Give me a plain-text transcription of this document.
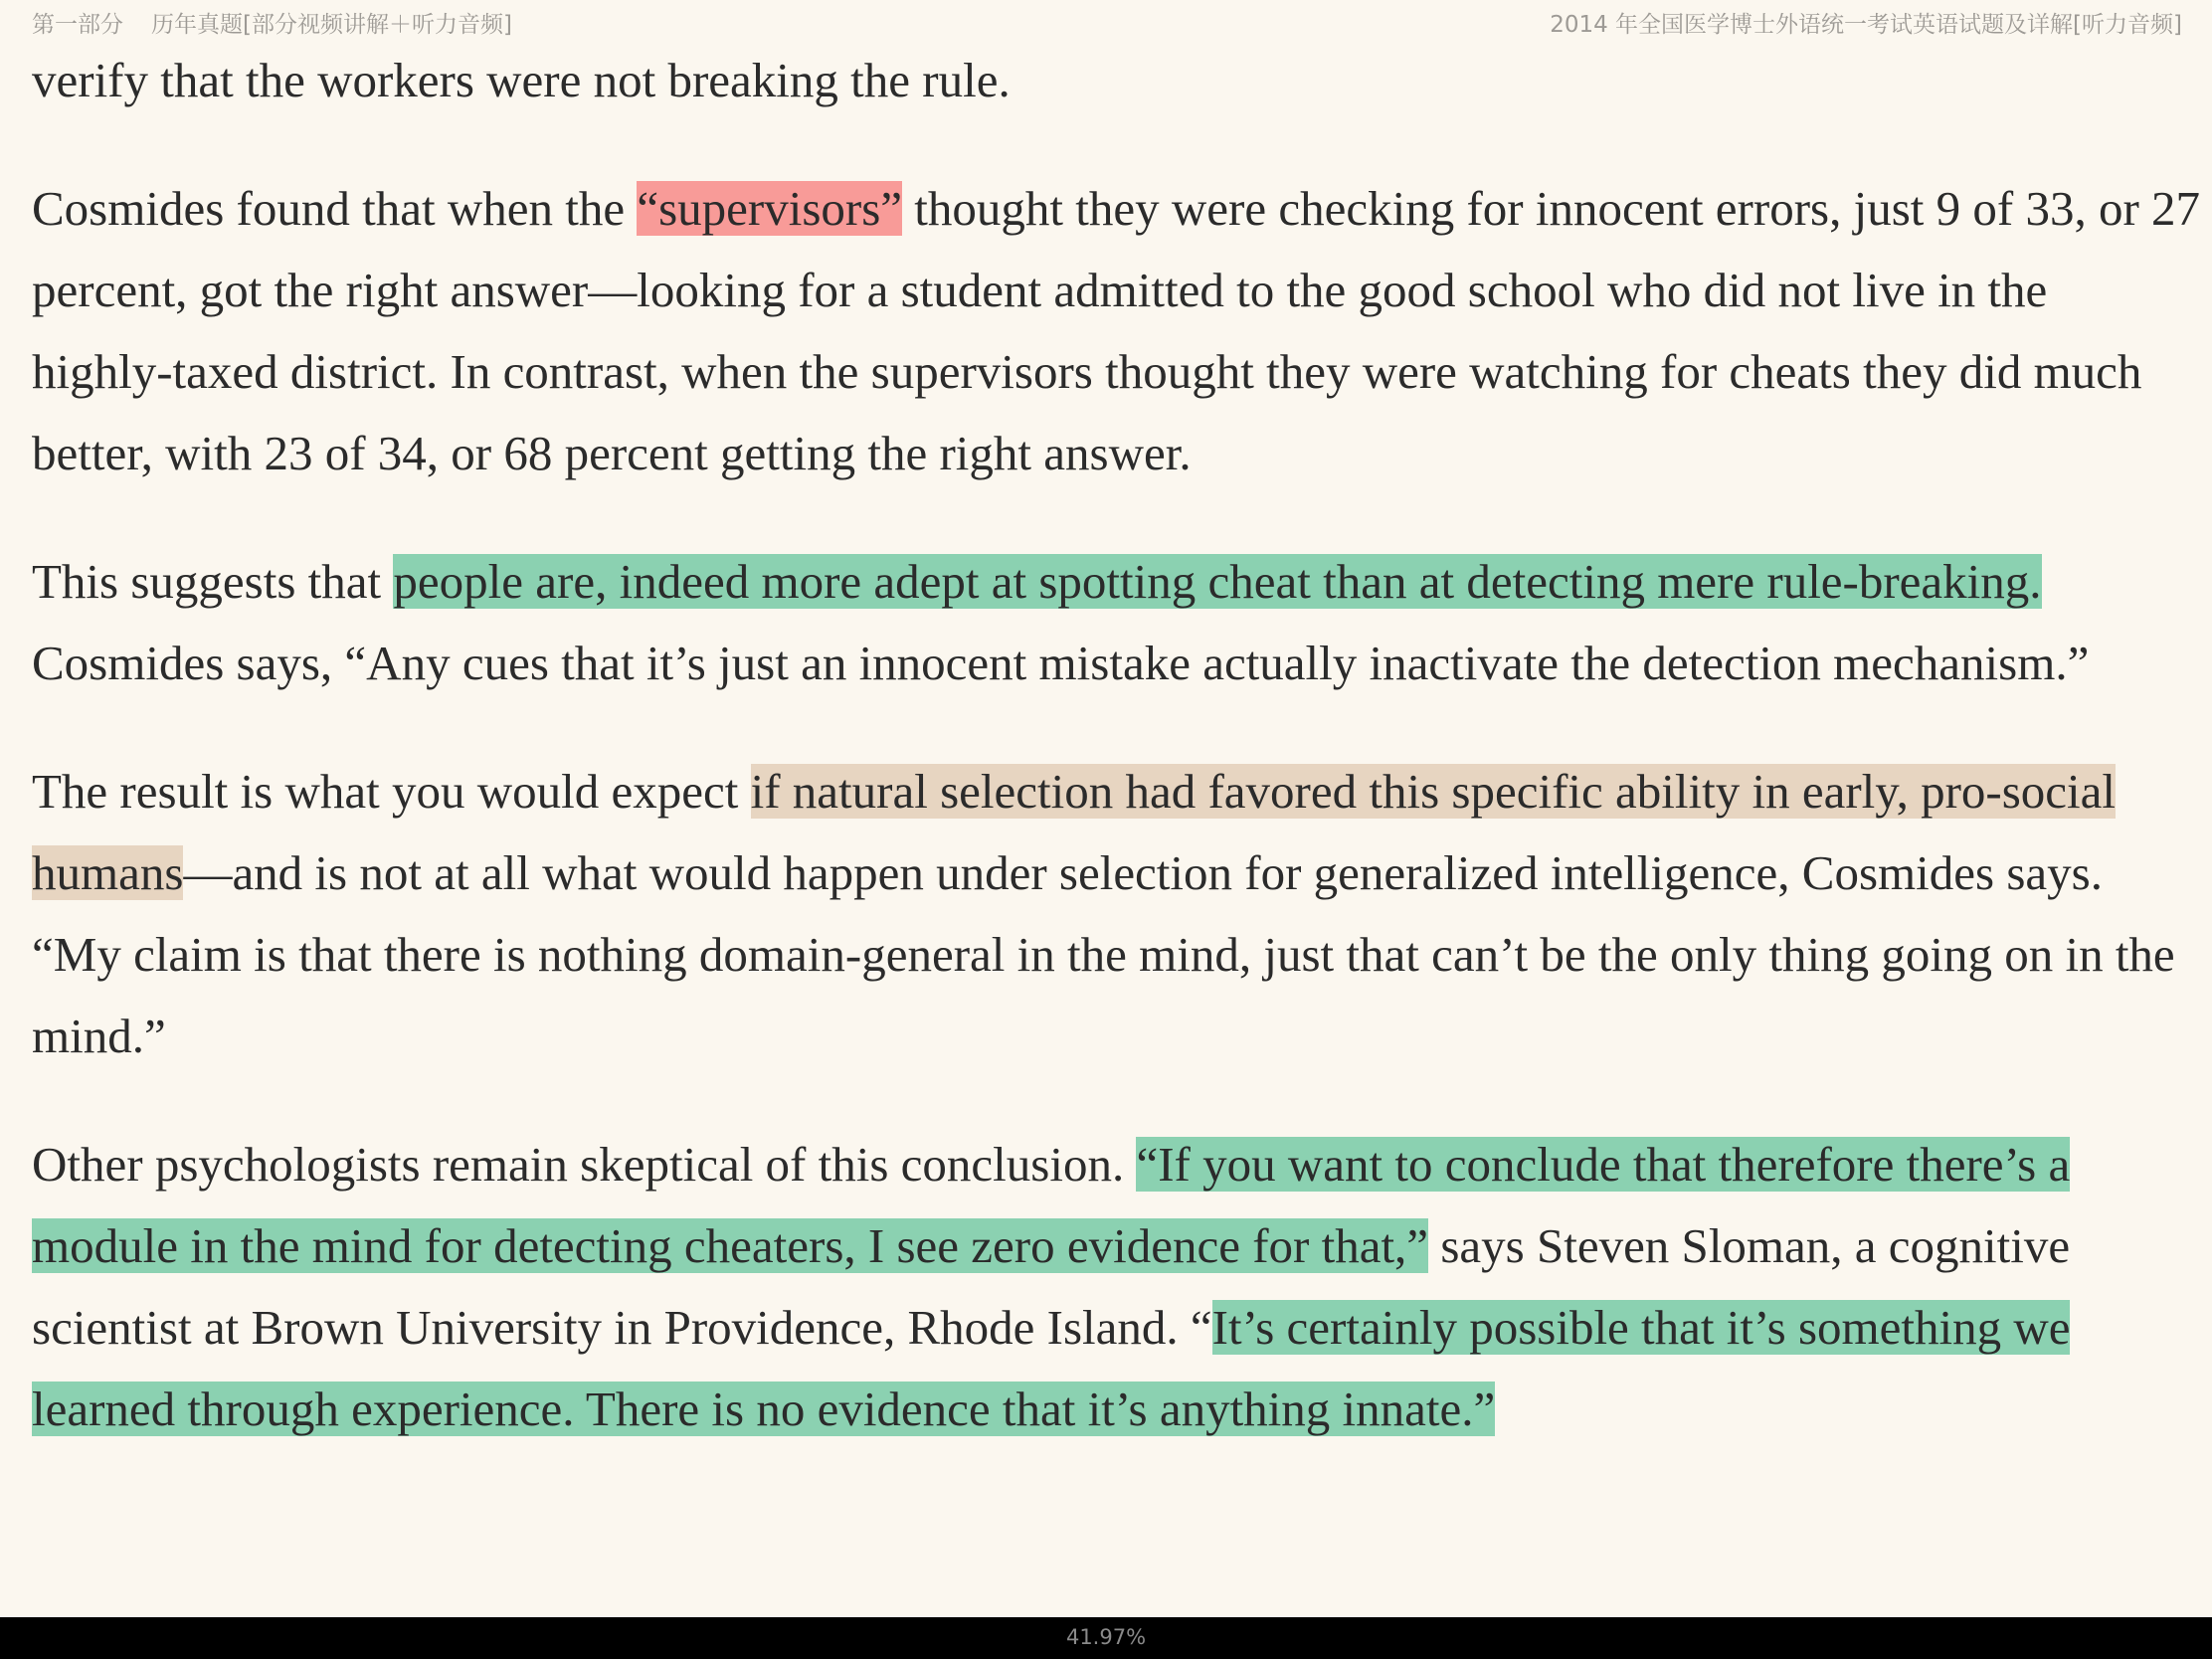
第一部分 历年真题[部分视频讲解＋听力音频]	2014 年全国医学博士外语统一考试英语试题及详解[听力音频]

verify that the workers were not breaking the rule.

Cosmides found that when the “supervisors” thought they were checking for innocent errors, just 9 of 33, or 27 percent, got the right answer—looking for a student admitted to the good school who did not live in the highly-taxed district. In contrast, when the supervisors thought they were watching for cheats they did much better, with 23 of 34, or 68 percent getting the right answer.

This suggests that people are, indeed more adept at spotting cheat than at detecting mere rule-breaking. Cosmides says, “Any cues that it’s just an innocent mistake actually inactivate the detection mechanism.”

The result is what you would expect if natural selection had favored this specific ability in early, pro-social humans—and is not at all what would happen under selection for generalized intelligence, Cosmides says. “My claim is that there is nothing domain-general in the mind, just that can’t be the only thing going on in the mind.”

Other psychologists remain skeptical of this conclusion. “If you want to conclude that therefore there’s a module in the mind for detecting cheaters, I see zero evidence for that,” says Steven Sloman, a cognitive scientist at Brown University in Providence, Rhode Island. “It’s certainly possible that it’s something we learned through experience. There is no evidence that it’s anything innate.”

41.97%
